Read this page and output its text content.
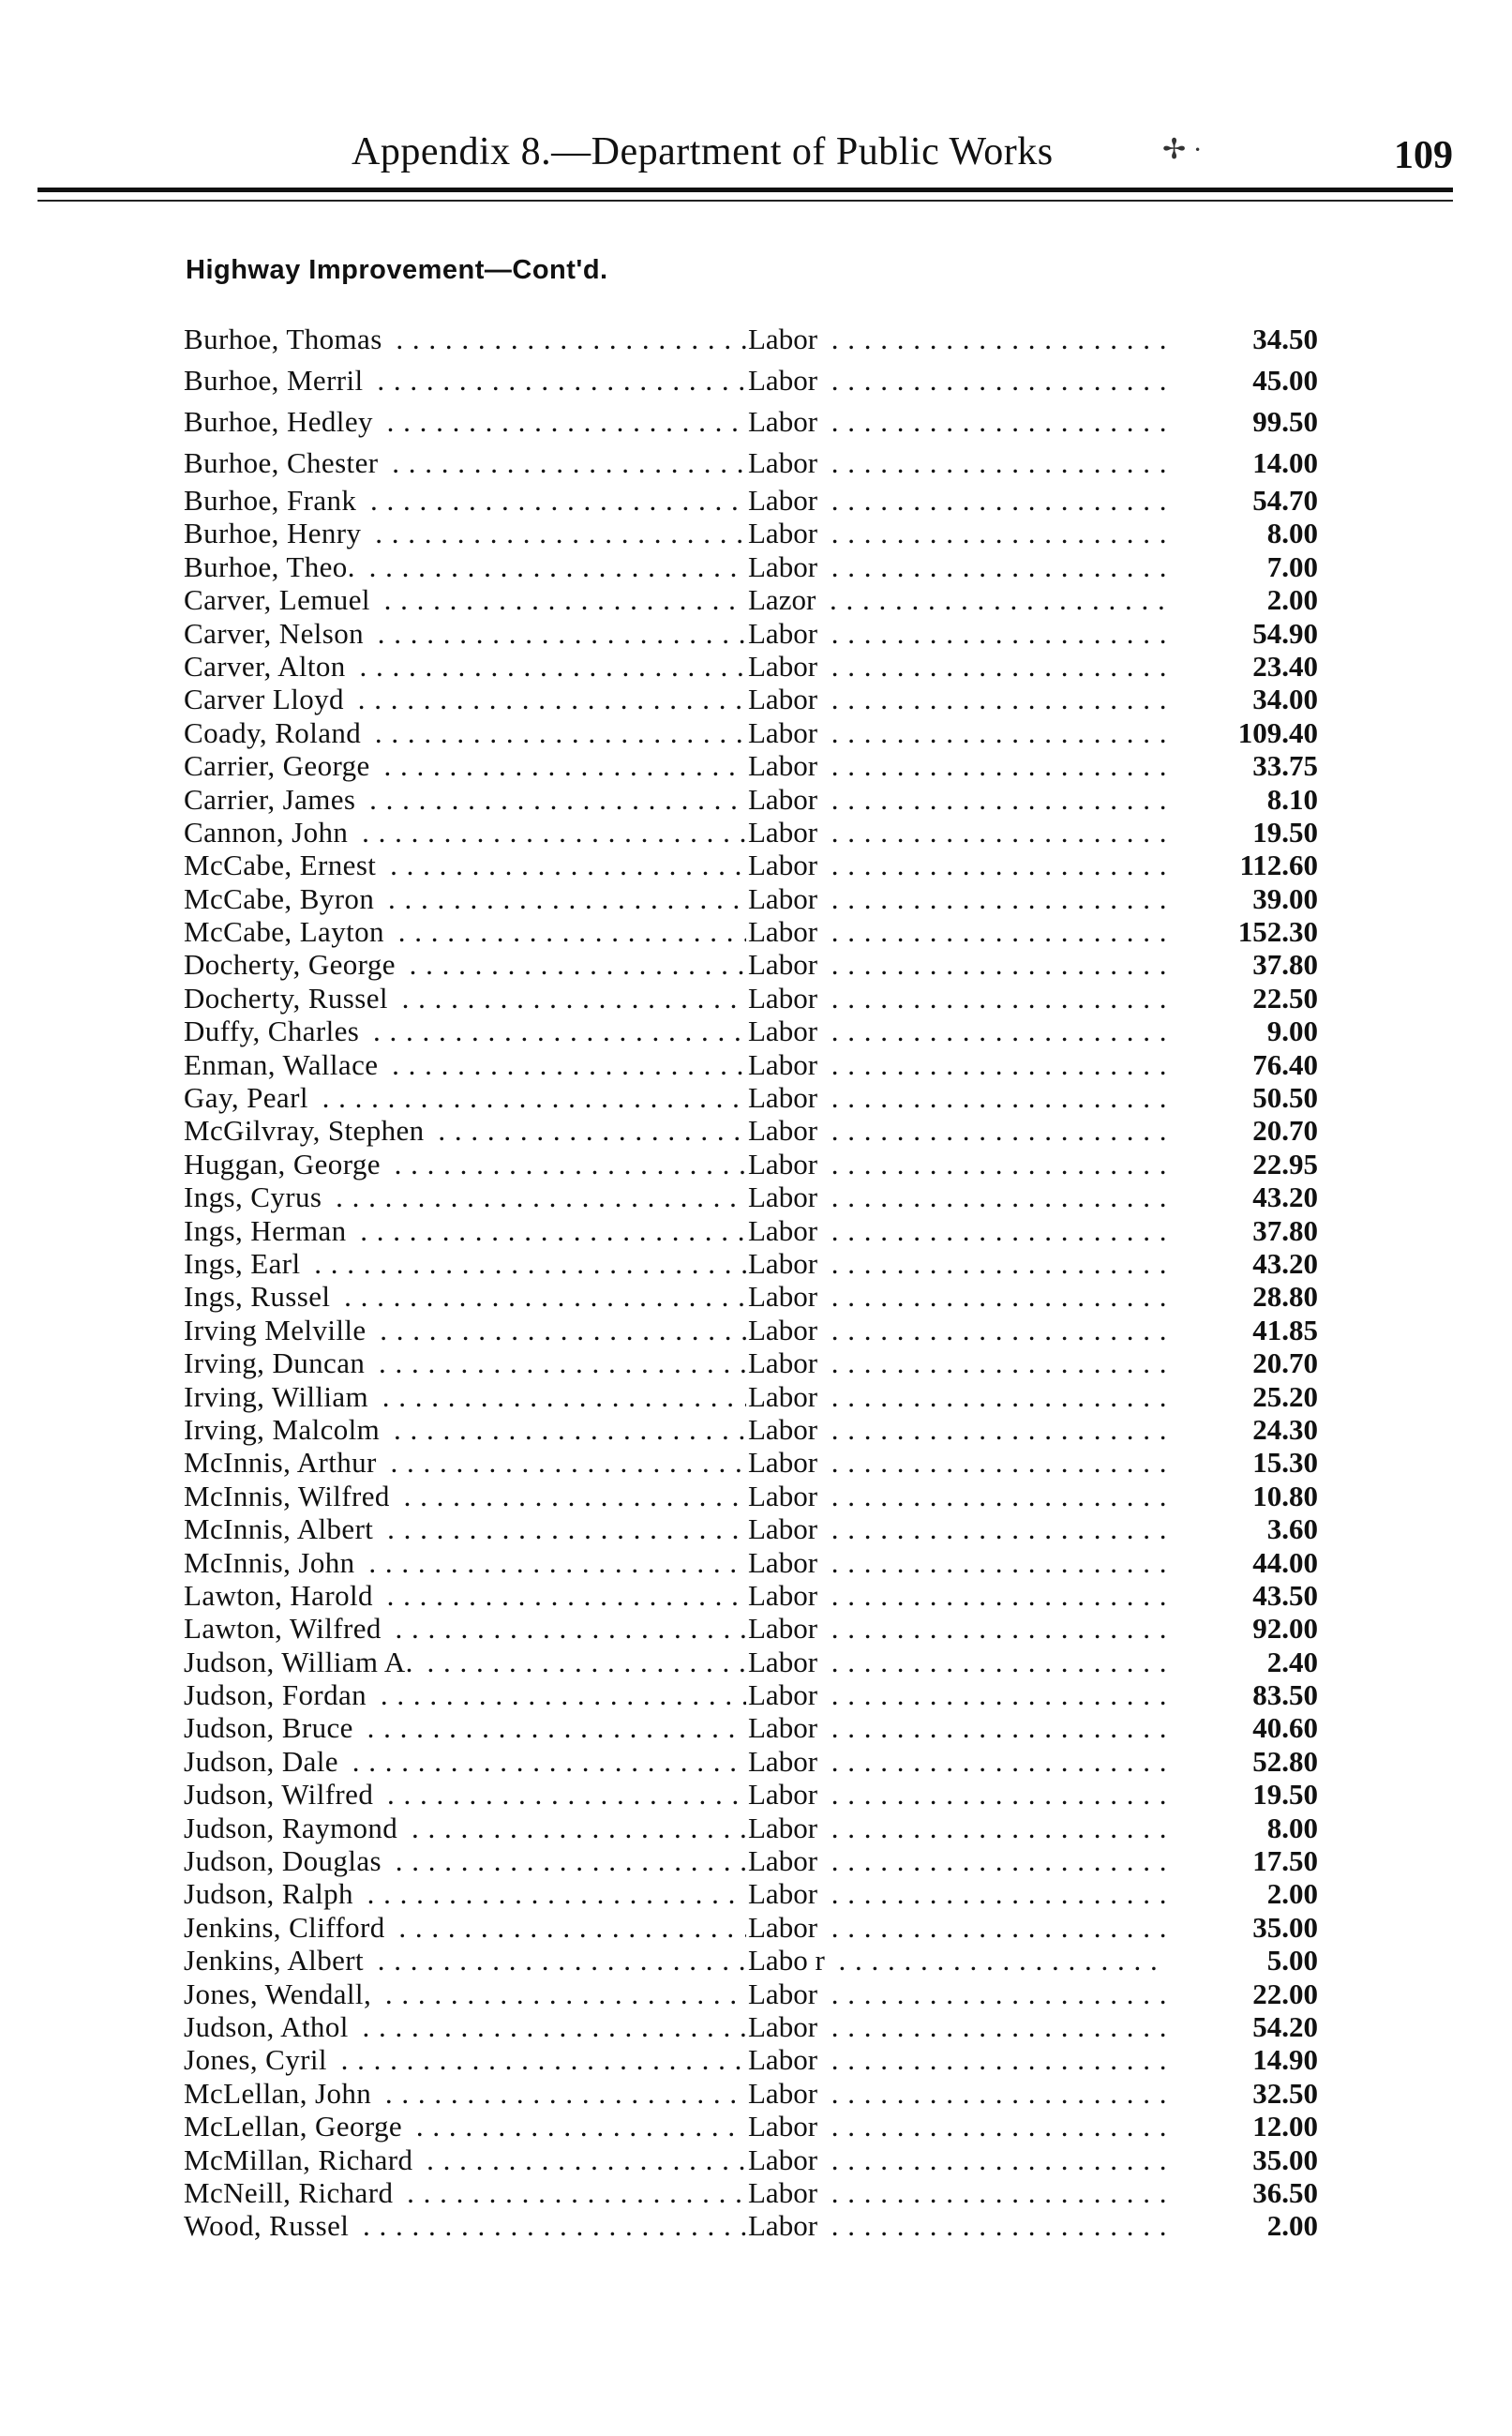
Appendix 8.—Department of Public Works	✢ ·	109
Highway Improvement—Cont'd.
Burhoe, Thomas . . .	Labor . . .	34.50
Burhoe, Merril . . .	Labor . . .	45.00
Burhoe, Hedley . . .	Labor . . .	99.50
Burhoe, Chester . . .	Labor . . .	14.00
Burhoe, Frank . . .	Labor . . .	54.70
Burhoe, Henry . . .	Labor . . .	8.00
Burhoe, Theo. . . .	Labor . . .	7.00
Carver, Lemuel . . .	Lazor . . .	2.00
Carver, Nelson . . .	Labor . . .	54.90
Carver, Alton . . .	Labor . . .	23.40
Carver Lloyd . . .	Labor . . .	34.00
Coady, Roland . . .	Labor . . .	109.40
Carrier, George . . .	Labor . . .	33.75
Carrier, James . . .	Labor . . .	8.10
Cannon, John . . .	Labor . . .	19.50
McCabe, Ernest . . .	Labor . . .	112.60
McCabe, Byron . . .	Labor . . .	39.00
McCabe, Layton . . .	Labor . . .	152.30
Docherty, George . . .	Labor . . .	37.80
Docherty, Russel . . .	Labor . . .	22.50
Duffy, Charles . . .	Labor . . .	9.00
Enman, Wallace . . .	Labor . . .	76.40
Gay, Pearl . . .	Labor . . .	50.50
McGilvray, Stephen . . .	Labor . . .	20.70
Huggan, George . . .	Labor . . .	22.95
Ings, Cyrus . . .	Labor . . .	43.20
Ings, Herman . . .	Labor . . .	37.80
Ings, Earl . . .	Labor . . .	43.20
Ings, Russel . . .	Labor . . .	28.80
Irving Melville . . .	Labor . . .	41.85
Irving, Duncan . . .	Labor . . .	20.70
Irving, William . . .	Labor . . .	25.20
Irving, Malcolm . . .	Labor . . .	24.30
McInnis, Arthur . . .	Labor . . .	15.30
McInnis, Wilfred . . .	Labor . . .	10.80
McInnis, Albert . . .	Labor . . .	3.60
McInnis, John . . .	Labor . . .	44.00
Lawton, Harold . . .	Labor . . .	43.50
Lawton, Wilfred . . .	Labor . . .	92.00
Judson, William A. . . .	Labor . . .	2.40
Judson, Fordan . . .	Labor . . .	83.50
Judson, Bruce . . .	Labor . . .	40.60
Judson, Dale . . .	Labor . . .	52.80
Judson, Wilfred . . .	Labor . . .	19.50
Judson, Raymond . . .	Labor . . .	8.00
Judson, Douglas . . .	Labor . . .	17.50
Judson, Ralph . . .	Labor . . .	2.00
Jenkins, Clifford . . .	Labor . . .	35.00
Jenkins, Albert . . .	Labo r . . .	5.00
Jones, Wendall, . . .	Labor . . .	22.00
Judson, Athol . . .	Labor . . .	54.20
Jones, Cyril . . .	Labor . . .	14.90
McLellan, John . . .	Labor . . .	32.50
McLellan, George . . .	Labor . . .	12.00
McMillan, Richard . . .	Labor . . .	35.00
McNeill, Richard . . .	Labor . . .	36.50
Wood, Russel . . .	Labor . . .	2.00
